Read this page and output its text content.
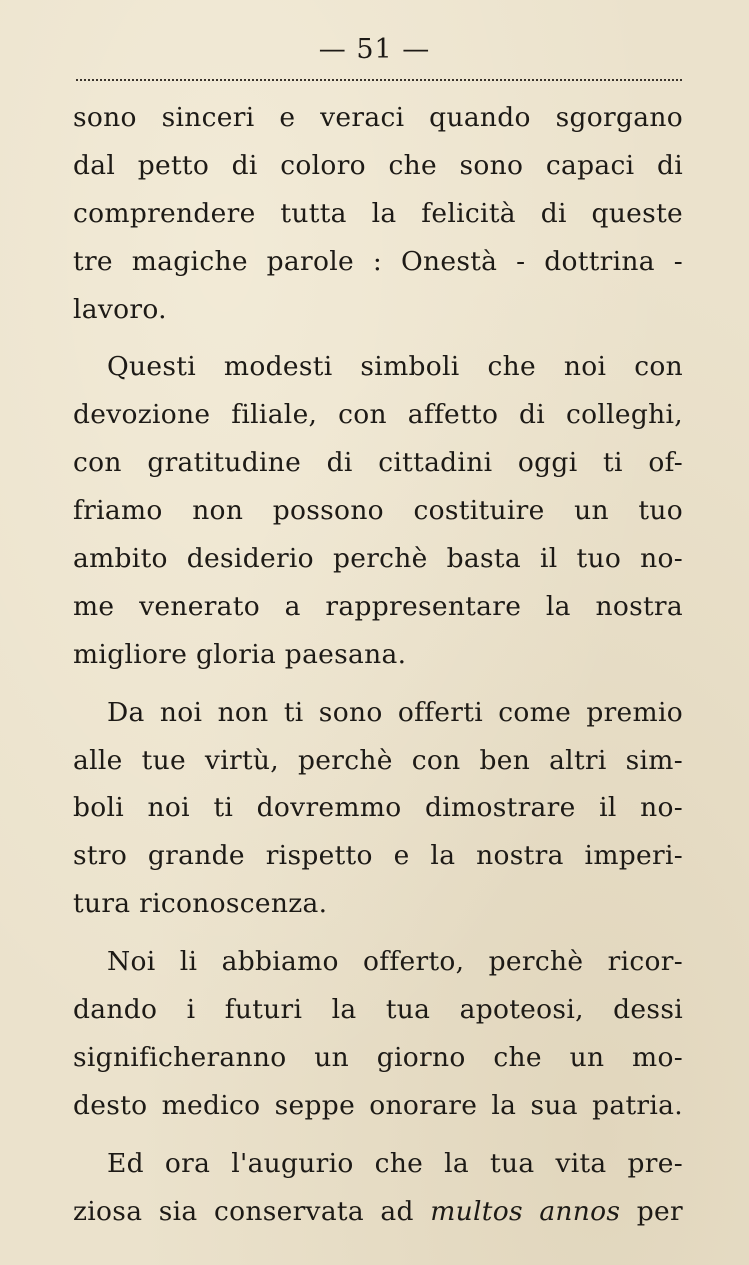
— 51 —
sono sinceri e veraci quando sgorgano
dal petto di coloro che sono capaci di
comprendere tutta la felicità di queste
tre magiche parole : Onestà - dottrina -
lavoro.
Questi modesti simboli che noi con
devozione filiale, con affetto di colleghi,
con gratitudine di cittadini oggi ti of-
friamo non possono costituire un tuo
ambito desiderio perchè basta il tuo no-
me venerato a rappresentare la nostra
migliore gloria paesana.
Da noi non ti sono offerti come premio
alle tue virtù, perchè con ben altri sim-
boli noi ti dovremmo dimostrare il no-
stro grande rispetto e la nostra imperi-
tura riconoscenza.
Noi li abbiamo offerto, perchè ricor-
dando i futuri la tua apoteosi, dessi
significheranno un giorno che un mo-
desto medico seppe onorare la sua patria.
Ed ora l'augurio che la tua vita pre-
ziosa sia conservata ad multos annos per
